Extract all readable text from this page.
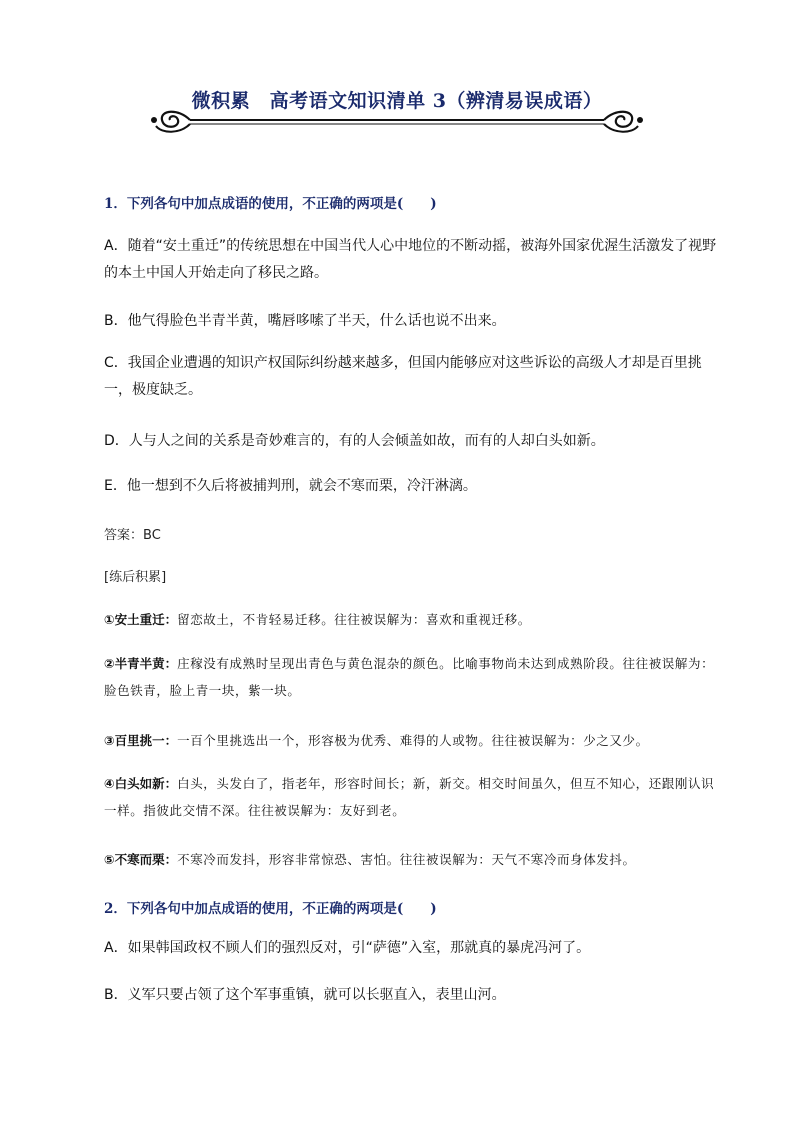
微积累　高考语文知识清单 3（辨清易误成语）
1．下列各句中加点成语的使用，不正确的两项是(　　)
A．随着“安土重迁”的传统思想在中国当代人心中地位的不断动摇，被海外国家优渥生活激发了视野的本土中国人开始走向了移民之路。
B．他气得脸色半青半黄，嘴唇哆嗦了半天，什么话也说不出来。
C．我国企业遭遇的知识产权国际纠纷越来越多，但国内能够应对这些诉讼的高级人才却是百里挑一，极度缺乏。
D．人与人之间的关系是奇妙难言的，有的人会倾盖如故，而有的人却白头如新。
E．他一想到不久后将被捕判刑，就会不寒而栗，冷汗淋漓。
答案：BC
[练后积累]
①安土重迁：留恋故土，不肯轻易迁移。往往被误解为：喜欢和重视迁移。
②半青半黄：庄稼没有成熟时呈现出青色与黄色混杂的颜色。比喻事物尚未达到成熟阶段。往往被误解为：脸色铁青，脸上青一块，紫一块。
③百里挑一：一百个里挑选出一个，形容极为优秀、难得的人或物。往往被误解为：少之又少。
④白头如新：白头，头发白了，指老年，形容时间长；新，新交。相交时间虽久，但互不知心，还跟刚认识一样。指彼此交情不深。往往被误解为：友好到老。
⑤不寒而栗：不寒冷而发抖，形容非常惊恐、害怕。往往被误解为：天气不寒冷而身体发抖。
2．下列各句中加点成语的使用，不正确的两项是(　　)
A．如果韩国政权不顾人们的强烈反对，引“萨德”入室，那就真的暴虎冯河了。
B．义军只要占领了这个军事重镇，就可以长驱直入，表里山河。
